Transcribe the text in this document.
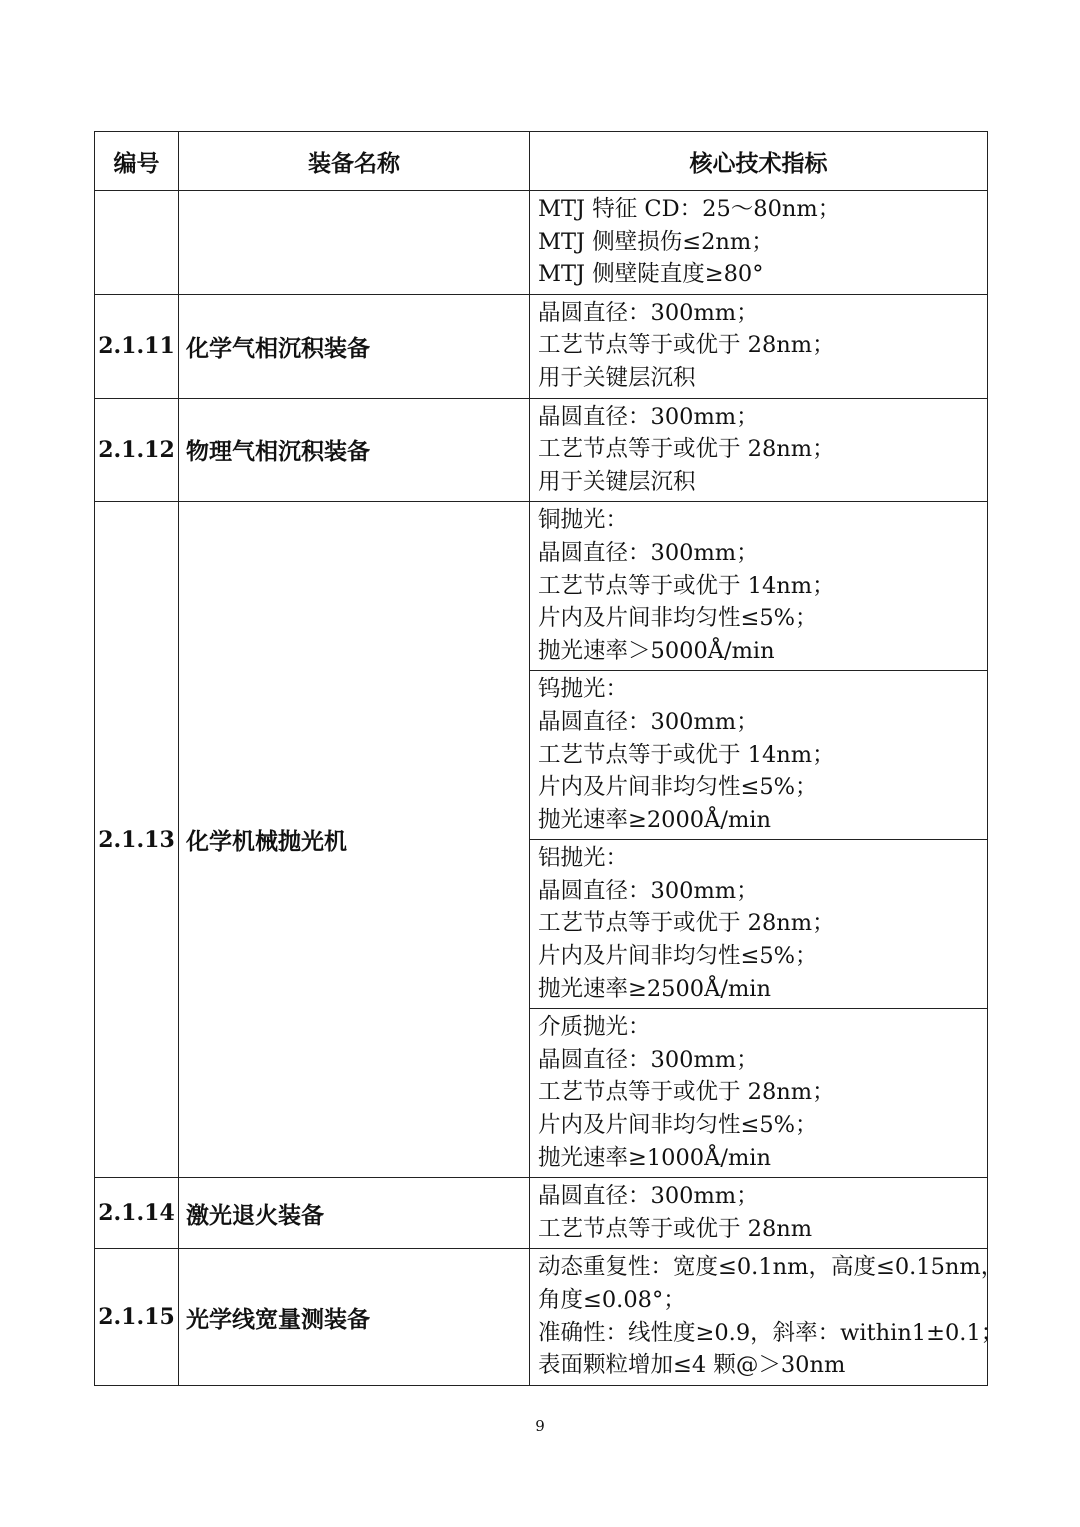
编号	装备名称	核心技术指标

		MTJ 特征 CD：25～80nm；
MTJ 侧壁损伤≤2nm；
MTJ 侧壁陡直度≥80°

2.1.11	化学气相沉积装备	晶圆直径：300mm；
工艺节点等于或优于 28nm；
用于关键层沉积

2.1.12	物理气相沉积装备	晶圆直径：300mm；
工艺节点等于或优于 28nm；
用于关键层沉积

2.1.13	化学机械抛光机	铜抛光：
晶圆直径：300mm；
工艺节点等于或优于 14nm；
片内及片间非均匀性≤5%；
抛光速率＞5000Å/min

		钨抛光：
晶圆直径：300mm；
工艺节点等于或优于 14nm；
片内及片间非均匀性≤5%；
抛光速率≥2000Å/min

		铝抛光：
晶圆直径：300mm；
工艺节点等于或优于 28nm；
片内及片间非均匀性≤5%；
抛光速率≥2500Å/min

		介质抛光：
晶圆直径：300mm；
工艺节点等于或优于 28nm；
片内及片间非均匀性≤5%；
抛光速率≥1000Å/min

2.1.14	激光退火装备	晶圆直径：300mm；
工艺节点等于或优于 28nm

2.1.15	光学线宽量测装备	动态重复性：宽度≤0.1nm，高度≤0.15nm，
角度≤0.08°；
准确性：线性度≥0.9，斜率：within1±0.1；
表面颗粒增加≤4 颗@＞30nm
9
